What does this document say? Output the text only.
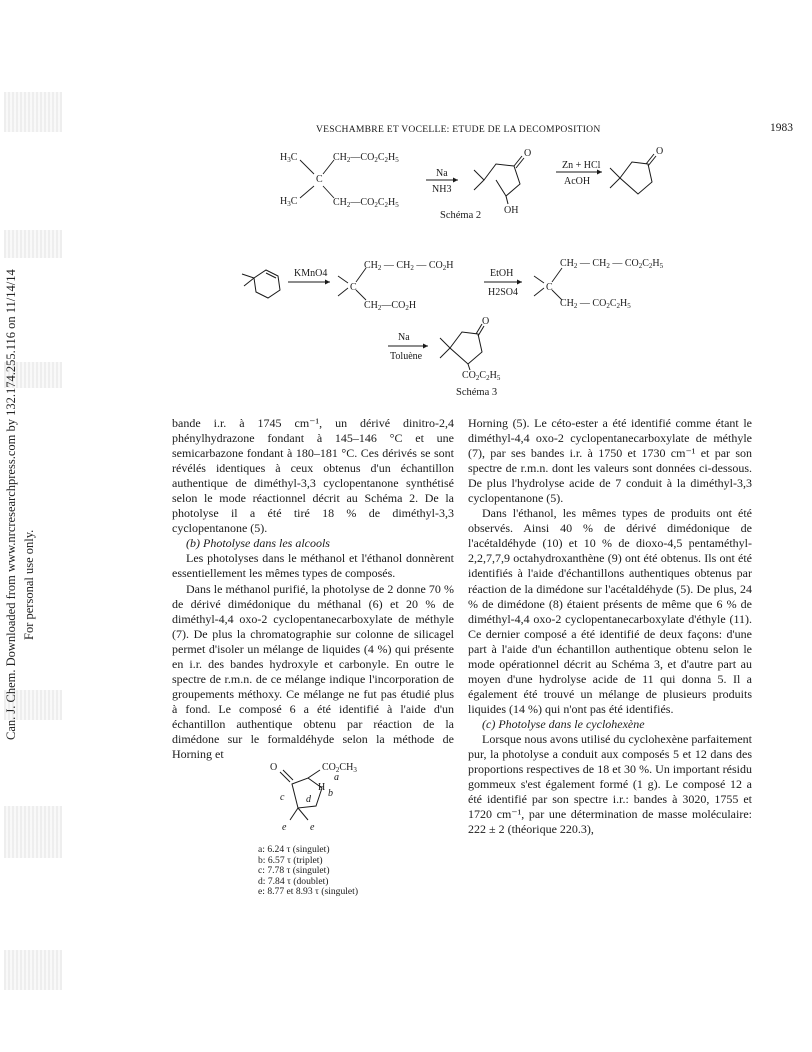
Can. J. Chem. Downloaded from www.nrcresearchpress.com by 132.174.255.116 on 11/14/14 For personal use only.
VESCHAMBRE ET VOCELLE: ETUDE DE LA DECOMPOSITION	1983
$H_3C$
$H_3C$
C
$CH_2—CO_2C_2H_5$
$CH_2—CO_2C_2H_5$
Na
NH3
O
OH
Zn + HCl
AcOH
O
Schéma 2
KMnO4
C
$CH_2$ — $CH_2$ — $CO_2H$
$CH_2—CO_2H$
EtOH
H2SO4	C
$CH_2$ — $CH_2$ — $CO_2C_2H_5$
$CH_2$ — $CO_2C_2H_5$
Na
Toluène
O
$CO_2C_2H_5$
Schéma 3

bande i.r. à 1745 cm⁻¹, un dérivé dinitro-2,4 phénylhydrazone fondant à 145–146 °C et une semicarbazone fondant à 180–181 °C. Ces dérivés se sont révélés identiques à ceux obtenus d'un échantillon authentique de diméthyl-3,3 cyclopentanone synthétisé selon le mode réactionnel décrit au Schéma 2. De la photolyse il a été tiré 18 % de diméthyl-3,3 cyclopentanone (5).

(b) Photolyse dans les alcools

Les photolyses dans le méthanol et l'éthanol donnèrent essentiellement les mêmes types de composés.

Dans le méthanol purifié, la photolyse de 2 donne 70 % de dérivé dimédonique du méthanal (6) et 20 % de diméthyl-4,4 oxo-2 cyclopentanecarboxylate de méthyle (7). De plus la chromatographie sur colonne de silicagel permet d'isoler un mélange de liquides (4 %) qui présente en i.r. des bandes hydroxyle et carbonyle. En outre le spectre de r.m.n. de ce mélange indique l'incorporation de groupements méthoxy. Ce mélange ne fut pas étudié plus à fond. Le composé 6 a été identifié à l'aide d'un échantillon authentique obtenu par réaction de la dimédone sur le formaldéhyde selon la méthode de Horning et

Horning (5). Le céto-ester a été identifié comme étant le diméthyl-4,4 oxo-2 cyclopentanecarboxylate de méthyle (7), par ses bandes i.r. à 1750 et 1730 cm⁻¹ et par son spectre de r.m.n. dont les valeurs sont données ci-dessous. De plus l'hydrolyse acide de 7 conduit à la diméthyl-3,3 cyclopentanone (5).

Dans l'éthanol, les mêmes types de produits ont été observés. Ainsi 40 % de dérivé dimédonique de l'acétaldéhyde (10) et 10 % de dioxo-4,5 pentaméthyl-2,2,7,7,9 octahydroxanthène (9) ont été obtenus. Ils ont été identifiés à l'aide d'échantillons authentiques obtenus par réaction de la dimédone sur l'acétaldéhyde (5). De plus, 24 % de dimédone (8) étaient présents de même que 6 % de diméthyl-4,4 oxo-2 cyclopentanecarboxylate d'éthyle (11). Ce dernier composé a été identifié de deux façons: d'une part à l'aide d'un échantillon authentique obtenu selon le mode opérationnel décrit au Schéma 3, et d'autre part au moyen d'une hydrolyse acide de 11 qui donna 5. Il a également été trouvé un mélange de plusieurs produits liquides (14 %) qui n'ont pas été identifiés.

(c) Photolyse dans le cyclohexène

Lorsque nous avons utilisé du cyclohexène parfaitement pur, la photolyse a conduit aux composés 5 et 12 dans des proportions respectives de 18 et 30 %. Un important résidu gommeux s'est également formé (1 g). Le composé 12 a été identifié par son spectre i.r.: bandes à 3020, 1755 et 1720 cm⁻¹, par une détermination de masse moléculaire: 222 ± 2 (théorique 220.3),

O	$CO_2CH_3$
a
H
b
c d
e e
a: 6.24 τ (singulet)
b: 6.57 τ (triplet)
c: 7.78 τ (singulet)
d: 7.84 τ (doublet)
e: 8.77 et 8.93 τ (singulet)
